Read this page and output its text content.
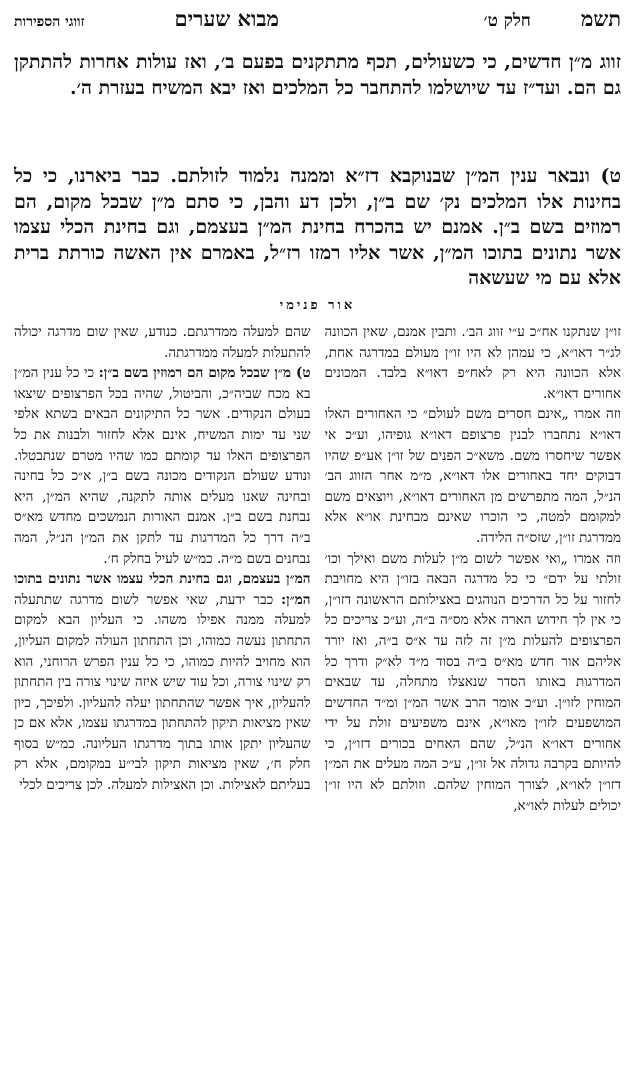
תשמ
חלק ט׳
מבוא שערים
זווגי הספירות

זווג מ״ן חדשים, כי כשעולים, תכף מתתקנים בפעם ב׳, ואז עולות אחרות להתתקן גם הם. ועד״ז עד שיושלמו להתחבר כל המלכים ואז יבא המשיח בעזרת ה׳.

ט) ונבאר ענין המ״ן שבנוקבא דז״א וממנה נלמוד לזולתם. כבר ביארנו, כי כל בחינות אלו המלכים נק׳ שם ב״ן, ולכן דע והבן, כי סתם מ״ן שבכל מקום, הם רמוזים בשם ב״ן. אמנם יש בהכרח בחינת המ״ן בעצמם, וגם בחינת הכלי עצמו אשר נתונים בתוכו המ״ן, אשר אליו רמזו רז״ל, באמרם אין האשה כורתת ברית אלא עם מי שעשאה

אור פנימי

זו״ן שנתקנו אח״כ ע״י זווג הב׳. ותבין אמנם, שאין הכוונה לג״ר דאו״א, כי עמהן לא היו זו״ן מעולם במדרגה אחת, אלא הכוונה היא רק לאח״פ דאו״א בלבד. המכונים אחורים דאו״א.

וזה אמרו „אינם חסרים משם לעולם״ כי האחורים האלו דאו״א נתחברו לבנין פרצופם דאו״א גופיהו, וע״כ אי אפשר שיחסרו משם. משא״כ הפנים של זו״ן אע״פ שהיו דבוקים יחד באחורים אלו דאו״א, מ״מ אחר הזווג הב׳ הנ״ל, המה מתפרשים מן האחורים דאו״א, ויוצאים משם למקומם למטה, כי הוכרו שאינם מבחינת או״א אלא ממדרגת זו״ן, שזס״ה הלידה.

וזה אמרו „ואי אפשר לשום מ״ן לעלות משם ואילך וכו׳ זולתי על ידם״ כי כל מדרגה הבאה בזו״ן היא מחויבת לחזור על כל הדרכים הנוהגים באצילותם הראשונה דזו״ן, כי אין לך חידוש הארה אלא מס״ה ב״ה, וע״כ צריכים כל הפרצופים להעלות מ״ן זה לזה עד א״ס ב״ה, ואז יורד אליהם אור חדש מא״ס ב״ה בסוד מ״ד לא״ק ודרך כל המדרגות באותו הסדר שנאצלו מתחלה, עד שבאים המוחין לזו״ן. וע״כ אומר הרב אשר המ״ן ומ״ד החדשים המושפעים לזו״ן מאו״א, אינם משפיעים זולת על ידי אחורים דאו״א הנ״ל, שהם האחים בכורים דזו״ן, כי להיותם בקרבה גדולה אל זו״ן, ע״כ המה מעלים את המ״ן דזו״ן לאו״א, לצורך המוחין שלהם. וזולתם לא היו זו״ן יכולים לעלות לאו״א,

שהם למעלה ממדרגתם. כנודע, שאין שום מדרגה יכולה להתעלות למעלה ממדרגתה.

ט) מ״ן שבכל מקום הם רמוזין בשם ב״ן: כי כל ענין המ״ן בא מכח שביה״כ, והביטול, שהיה בכל הפרצופים שיצאו בעולם הנקודים. אשר כל התיקונים הבאים בשתא אלפי שני עד ימות המשיח, אינם אלא לחזור ולבנות את כל הפרצופים האלו עד קומתם כמו שהיו מטרם שנתבטלו. ונודע שעולם הנקודים מכונה בשם ב״ן, א״כ כל בחינה ובחינה שאנו מעלים אותה לתקנה, שהיא המ״ן, היא נבחנת בשם ב״ן. אמנם האורות הנמשכים מחדש מא״ס ב״ה דרך כל המדרגות עד לתקן את המ״ן הנ״ל, המה נבחנים בשם מ״ה. כמ״ש לעיל בחלק ח׳.

המ״ן בעצמם, וגם בחינת הכלי עצמו אשר נתונים בתוכו המ״ן: כבר ידעת, שאי אפשר לשום מדרגה שתתעלה למעלה ממנה אפילו משהו. כי העליון הבא למקום התחתון נעשה כמוהו, וכן התחתון העולה למקום העליון, הוא מחויב להיות כמוהו, כי כל ענין הפרש הרוחני, הוא רק שינוי צורה, וכל עוד שיש איזה שינוי צורה בין התחתון להעליון, איך אפשר שהתחתון יעלה להעליון. ולפיכך, כיון שאין מציאות תיקון להתחתון במדרגתו עצמו, אלא אם כן שהעליון יתקן אותו בתוך מדרגתו העליונה. כמ״ש בסוף חלק ח׳, שאין מציאות תיקון לבי״ע במקומם, אלא רק בעליתם לאצילות. וכן האצילות למעלה. לכן צריכים לכלי
